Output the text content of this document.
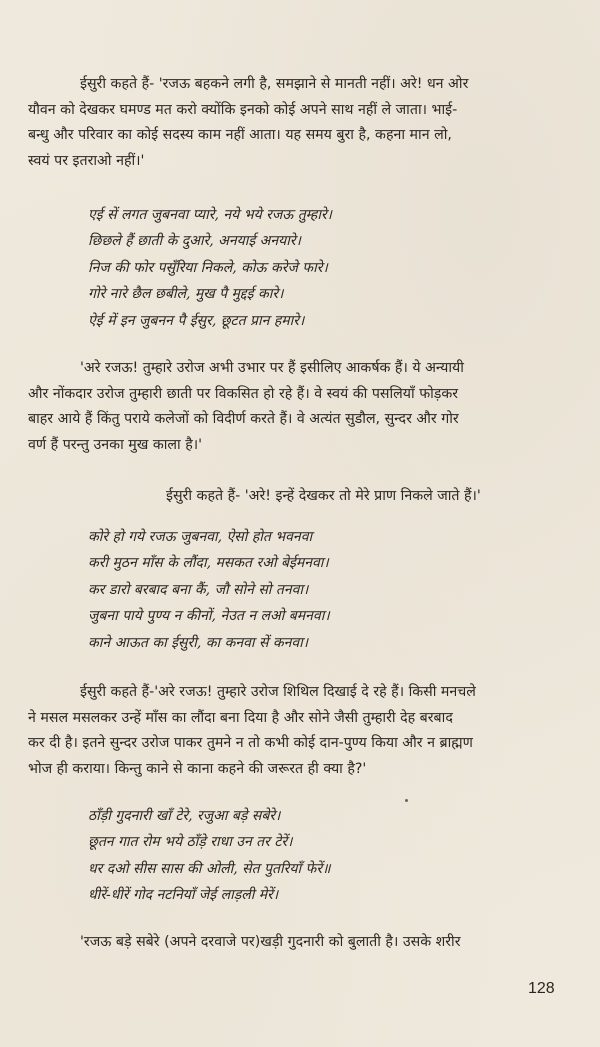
ईसुरी कहते हैं- 'रजऊ बहकने लगी है, समझाने से मानती नहीं। अरे! धन ओर
यौवन को देखकर घमण्ड मत करो क्योंकि इनको कोई अपने साथ नहीं ले जाता। भाई-
बन्धु और परिवार का कोई सदस्य काम नहीं आता। यह समय बुरा है, कहना मान लो,
स्वयं पर इतराओ नहीं।'
एई सें लगत जुबनवा प्यारे, नये भये रजऊ तुम्हारे।
छिछले हैं छाती के दुआरे, अनयाई अनयारे।
निज की फोर पसुँरिया निकले, कोऊ करेजे फारे।
गोरे नारे छैल छबीले, मुख पै मुद्दई कारे।
ऐई में इन जुबनन पै ईसुर, छूटत प्रान हमारे।
'अरे रजऊ! तुम्हारे उरोज अभी उभार पर हैं इसीलिए आकर्षक हैं। ये अन्यायी
और नोंकदार उरोज तुम्हारी छाती पर विकसित हो रहे हैं। वे स्वयं की पसलियाँ फोड़कर
बाहर आये हैं किंतु पराये कलेजों को विदीर्ण करते हैं। वे अत्यंत सुडौल, सुन्दर और गोर
वर्ण हैं परन्तु उनका मुख काला है।'
ईसुरी कहते हैं- 'अरे! इन्हें देखकर तो मेरे प्राण निकले जाते हैं।'
कोरे हो गये रजऊ जुबनवा, ऐसो होत भवनवा
करी मुठन माँस के लौंदा, मसकत रओ बेईमनवा।
कर डारो बरबाद बना कैं, जौ सोने सो तनवा।
जुबना पाये पुण्य न कीनों, नेउत न लओ बमनवा।
काने आऊत का ईसुरी, का कनवा सें कनवा।
ईसुरी कहते हैं-'अरे रजऊ! तुम्हारे उरोज शिथिल दिखाई दे रहे हैं। किसी मनचले
ने मसल मसलकर उन्हें माँस का लौंदा बना दिया है और सोने जैसी तुम्हारी देह बरबाद
कर दी है। इतने सुन्दर उरोज पाकर तुमने न तो कभी कोई दान-पुण्य किया और न ब्राह्मण
भोज ही कराया। किन्तु काने से काना कहने की जरूरत ही क्या है?'
ठाँड़ी गुदनारी खाँ टेरे, रजुआ बड़े सबेरे।
छूतन गात रोम भये ठाँड़े राधा उन तर टेरें।
धर दओ सीस सास की ओली, सेत पुतरियाँ फेरें॥
धीरें-धीरें गोद नटनियाँ जेई लाड़ली मेरें।
'रजऊ बड़े सबेरे (अपने दरवाजे पर)खड़ी गुदनारी को बुलाती है। उसके शरीर
128
